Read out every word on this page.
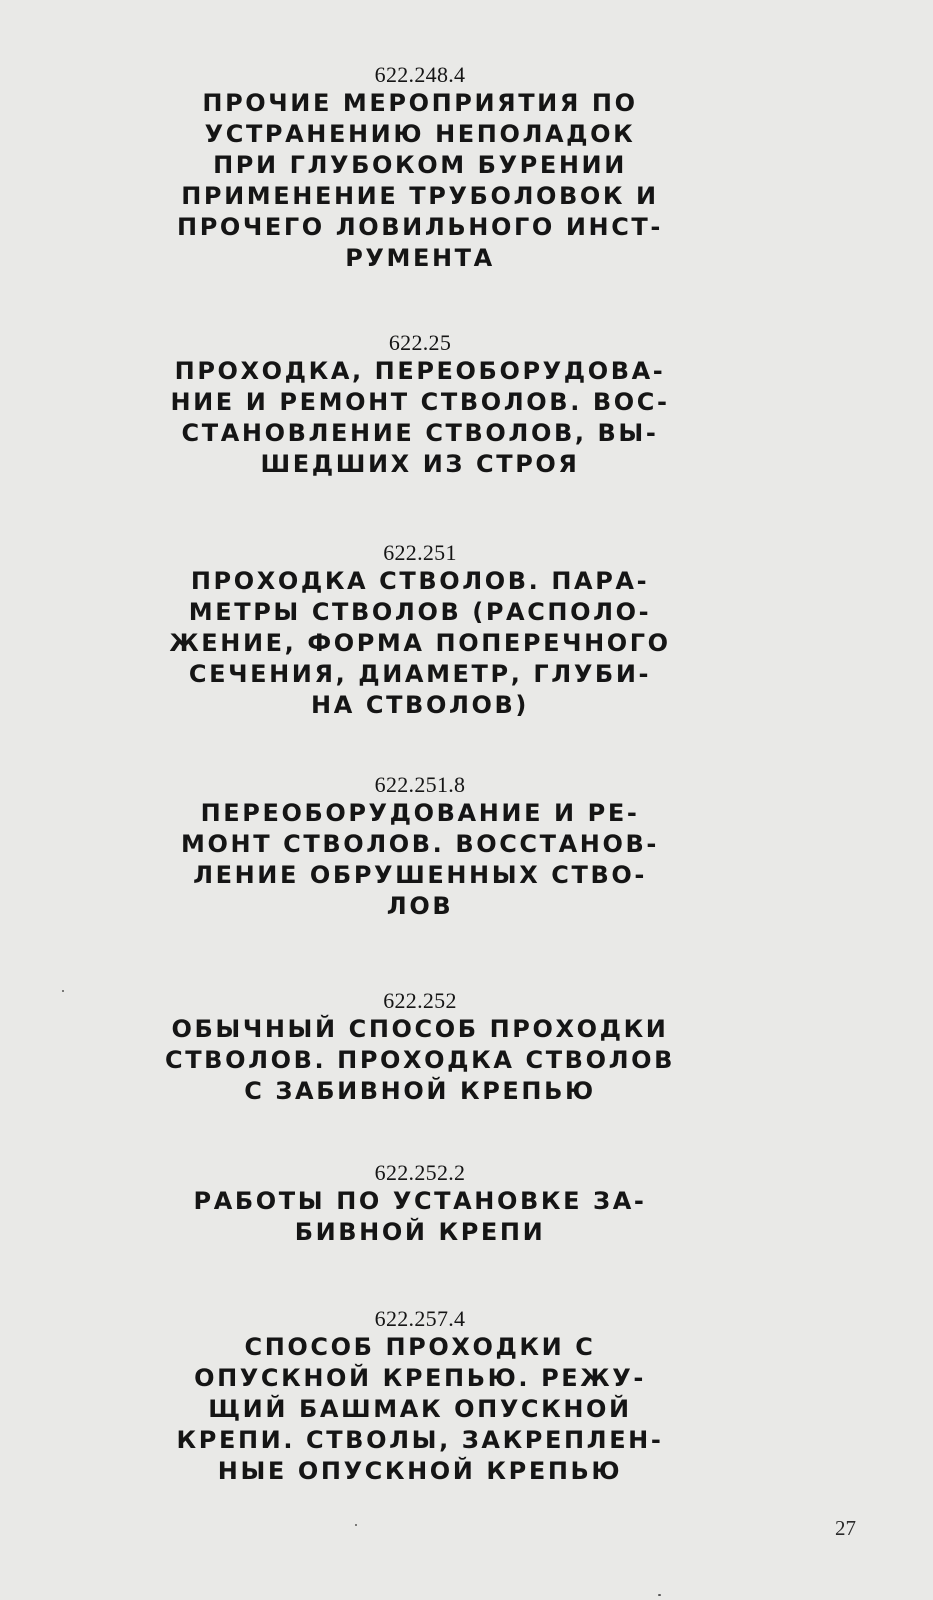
622.248.4
ПРОЧИЕ МЕРОПРИЯТИЯ ПО
УСТРАНЕНИЮ НЕПОЛАДОК
ПРИ ГЛУБОКОМ БУРЕНИИ
ПРИМЕНЕНИЕ ТРУБОЛОВОК И
ПРОЧЕГО ЛОВИЛЬНОГО ИНСТ-
РУМЕНТА
622.25
ПРОХОДКА, ПЕРЕОБОРУДОВА-
НИЕ И РЕМОНТ СТВОЛОВ. ВОС-
СТАНОВЛЕНИЕ СТВОЛОВ, ВЫ-
ШЕДШИХ ИЗ СТРОЯ
622.251
ПРОХОДКА СТВОЛОВ. ПАРА-
МЕТРЫ СТВОЛОВ (РАСПОЛО-
ЖЕНИЕ, ФОРМА ПОПЕРЕЧНОГО
СЕЧЕНИЯ, ДИАМЕТР, ГЛУБИ-
НА СТВОЛОВ)
622.251.8
ПЕРЕОБОРУДОВАНИЕ И РЕ-
МОНТ СТВОЛОВ. ВОССТАНОВ-
ЛЕНИЕ ОБРУШЕННЫХ СТВО-
ЛОВ
622.252
ОБЫЧНЫЙ СПОСОБ ПРОХОДКИ
СТВОЛОВ. ПРОХОДКА СТВОЛОВ
С ЗАБИВНОЙ КРЕПЬЮ
622.252.2
РАБОТЫ ПО УСТАНОВКЕ ЗА-
БИВНОЙ КРЕПИ
622.257.4
СПОСОБ ПРОХОДКИ С
ОПУСКНОЙ КРЕПЬЮ. РЕЖУ-
ЩИЙ БАШМАК ОПУСКНОЙ
КРЕПИ. СТВОЛЫ, ЗАКРЕПЛЕН-
НЫЕ ОПУСКНОЙ КРЕПЬЮ
27
